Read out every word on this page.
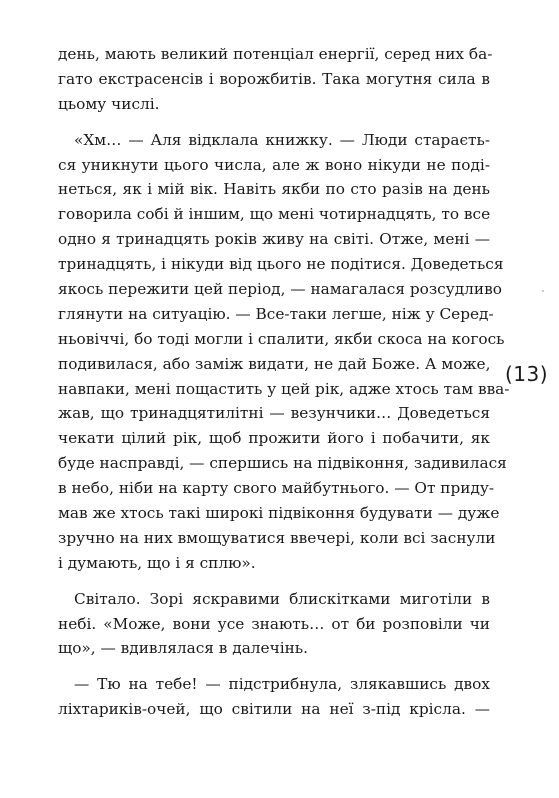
день, мають великий потенціал енергії, серед них ба-
гато екстрасенсів і ворожбитів. Така могутня сила в
цьому числі.
«Хм… — Аля відклала книжку. — Люди стараєть-
ся уникнути цього числа, але ж воно нікуди не поді-
неться, як і мій вік. Навіть якби по сто разів на день
говорила собі й іншим, що мені чотирнадцять, то все
одно я тринадцять років живу на світі. Отже, мені —
тринадцять, і нікуди від цього не подітися. Доведеться
якось пережити цей період, — намагалася розсудливо
глянути на ситуацію. — Все-таки легше, ніж у Серед-
ньовіччі, бо тоді могли і спалити, якби скоса на когось
подивилася, або заміж видати, не дай Боже. А може,
навпаки, мені пощастить у цей рік, адже хтось там вва-
жав, що тринадцятилітні — везунчики… Доведеться
чекати цілий рік, щоб прожити його і побачити, як
буде насправді, — спершись на підвіконня, задивилася
в небо, ніби на карту свого майбутнього. — От приду-
мав же хтось такі широкі підвіконня будувати — дуже
зручно на них вмощуватися ввечері, коли всі заснули
і думають, що і я сплю».
Світало. Зорі яскравими блискітками миготіли в
небі. «Може, вони усе знають… от би розповіли чи
що», — вдивлялася в далечінь.
— Тю на тебе! — підстрибнула, злякавшись двох
ліхтариків-очей, що світили на неї з-під крісла. —
(13)
